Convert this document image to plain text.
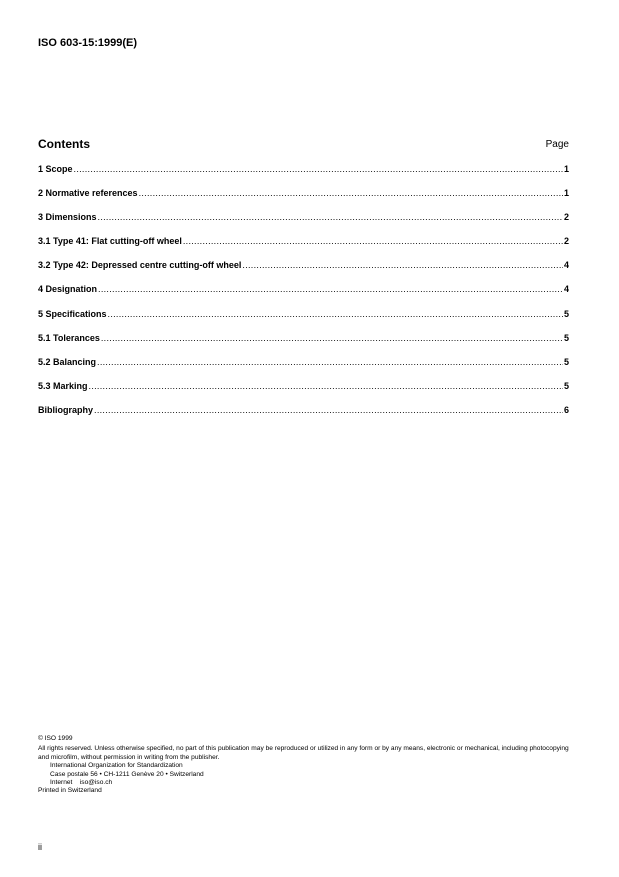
ISO 603-15:1999(E)
Contents	Page
1 Scope .....	1
2 Normative references .....	1
3 Dimensions .....	2
3.1 Type 41: Flat cutting-off wheel .....	2
3.2 Type 42: Depressed centre cutting-off wheel .....	4
4 Designation .....	4
5 Specifications .....	5
5.1 Tolerances .....	5
5.2 Balancing .....	5
5.3 Marking .....	5
Bibliography .....	6
© ISO 1999
All rights reserved. Unless otherwise specified, no part of this publication may be reproduced or utilized in any form or by any means, electronic or mechanical, including photocopying and microfilm, without permission in writing from the publisher.
International Organization for Standardization
Case postale 56 • CH-1211 Genève 20 • Switzerland
Internet iso@iso.ch
Printed in Switzerland
ii
